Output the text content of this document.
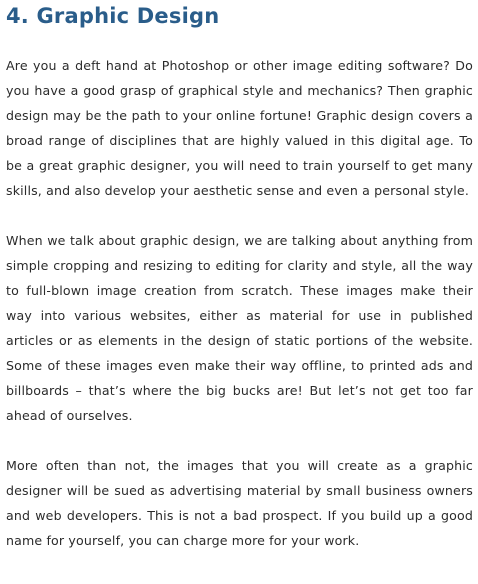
4. Graphic Design

Are you a deft hand at Photoshop or other image editing software? Do you have a good grasp of graphical style and mechanics? Then graphic design may be the path to your online fortune! Graphic design covers a broad range of disciplines that are highly valued in this digital age. To be a great graphic designer, you will need to train yourself to get many skills, and also develop your aesthetic sense and even a personal style.

When we talk about graphic design, we are talking about anything from simple cropping and resizing to editing for clarity and style, all the way to full-blown image creation from scratch. These images make their way into various websites, either as material for use in published articles or as elements in the design of static portions of the website. Some of these images even make their way offline, to printed ads and billboards – that’s where the big bucks are! But let’s not get too far ahead of ourselves.

More often than not, the images that you will create as a graphic designer will be sued as advertising material by small business owners and web developers. This is not a bad prospect. If you build up a good name for yourself, you can charge more for your work.
